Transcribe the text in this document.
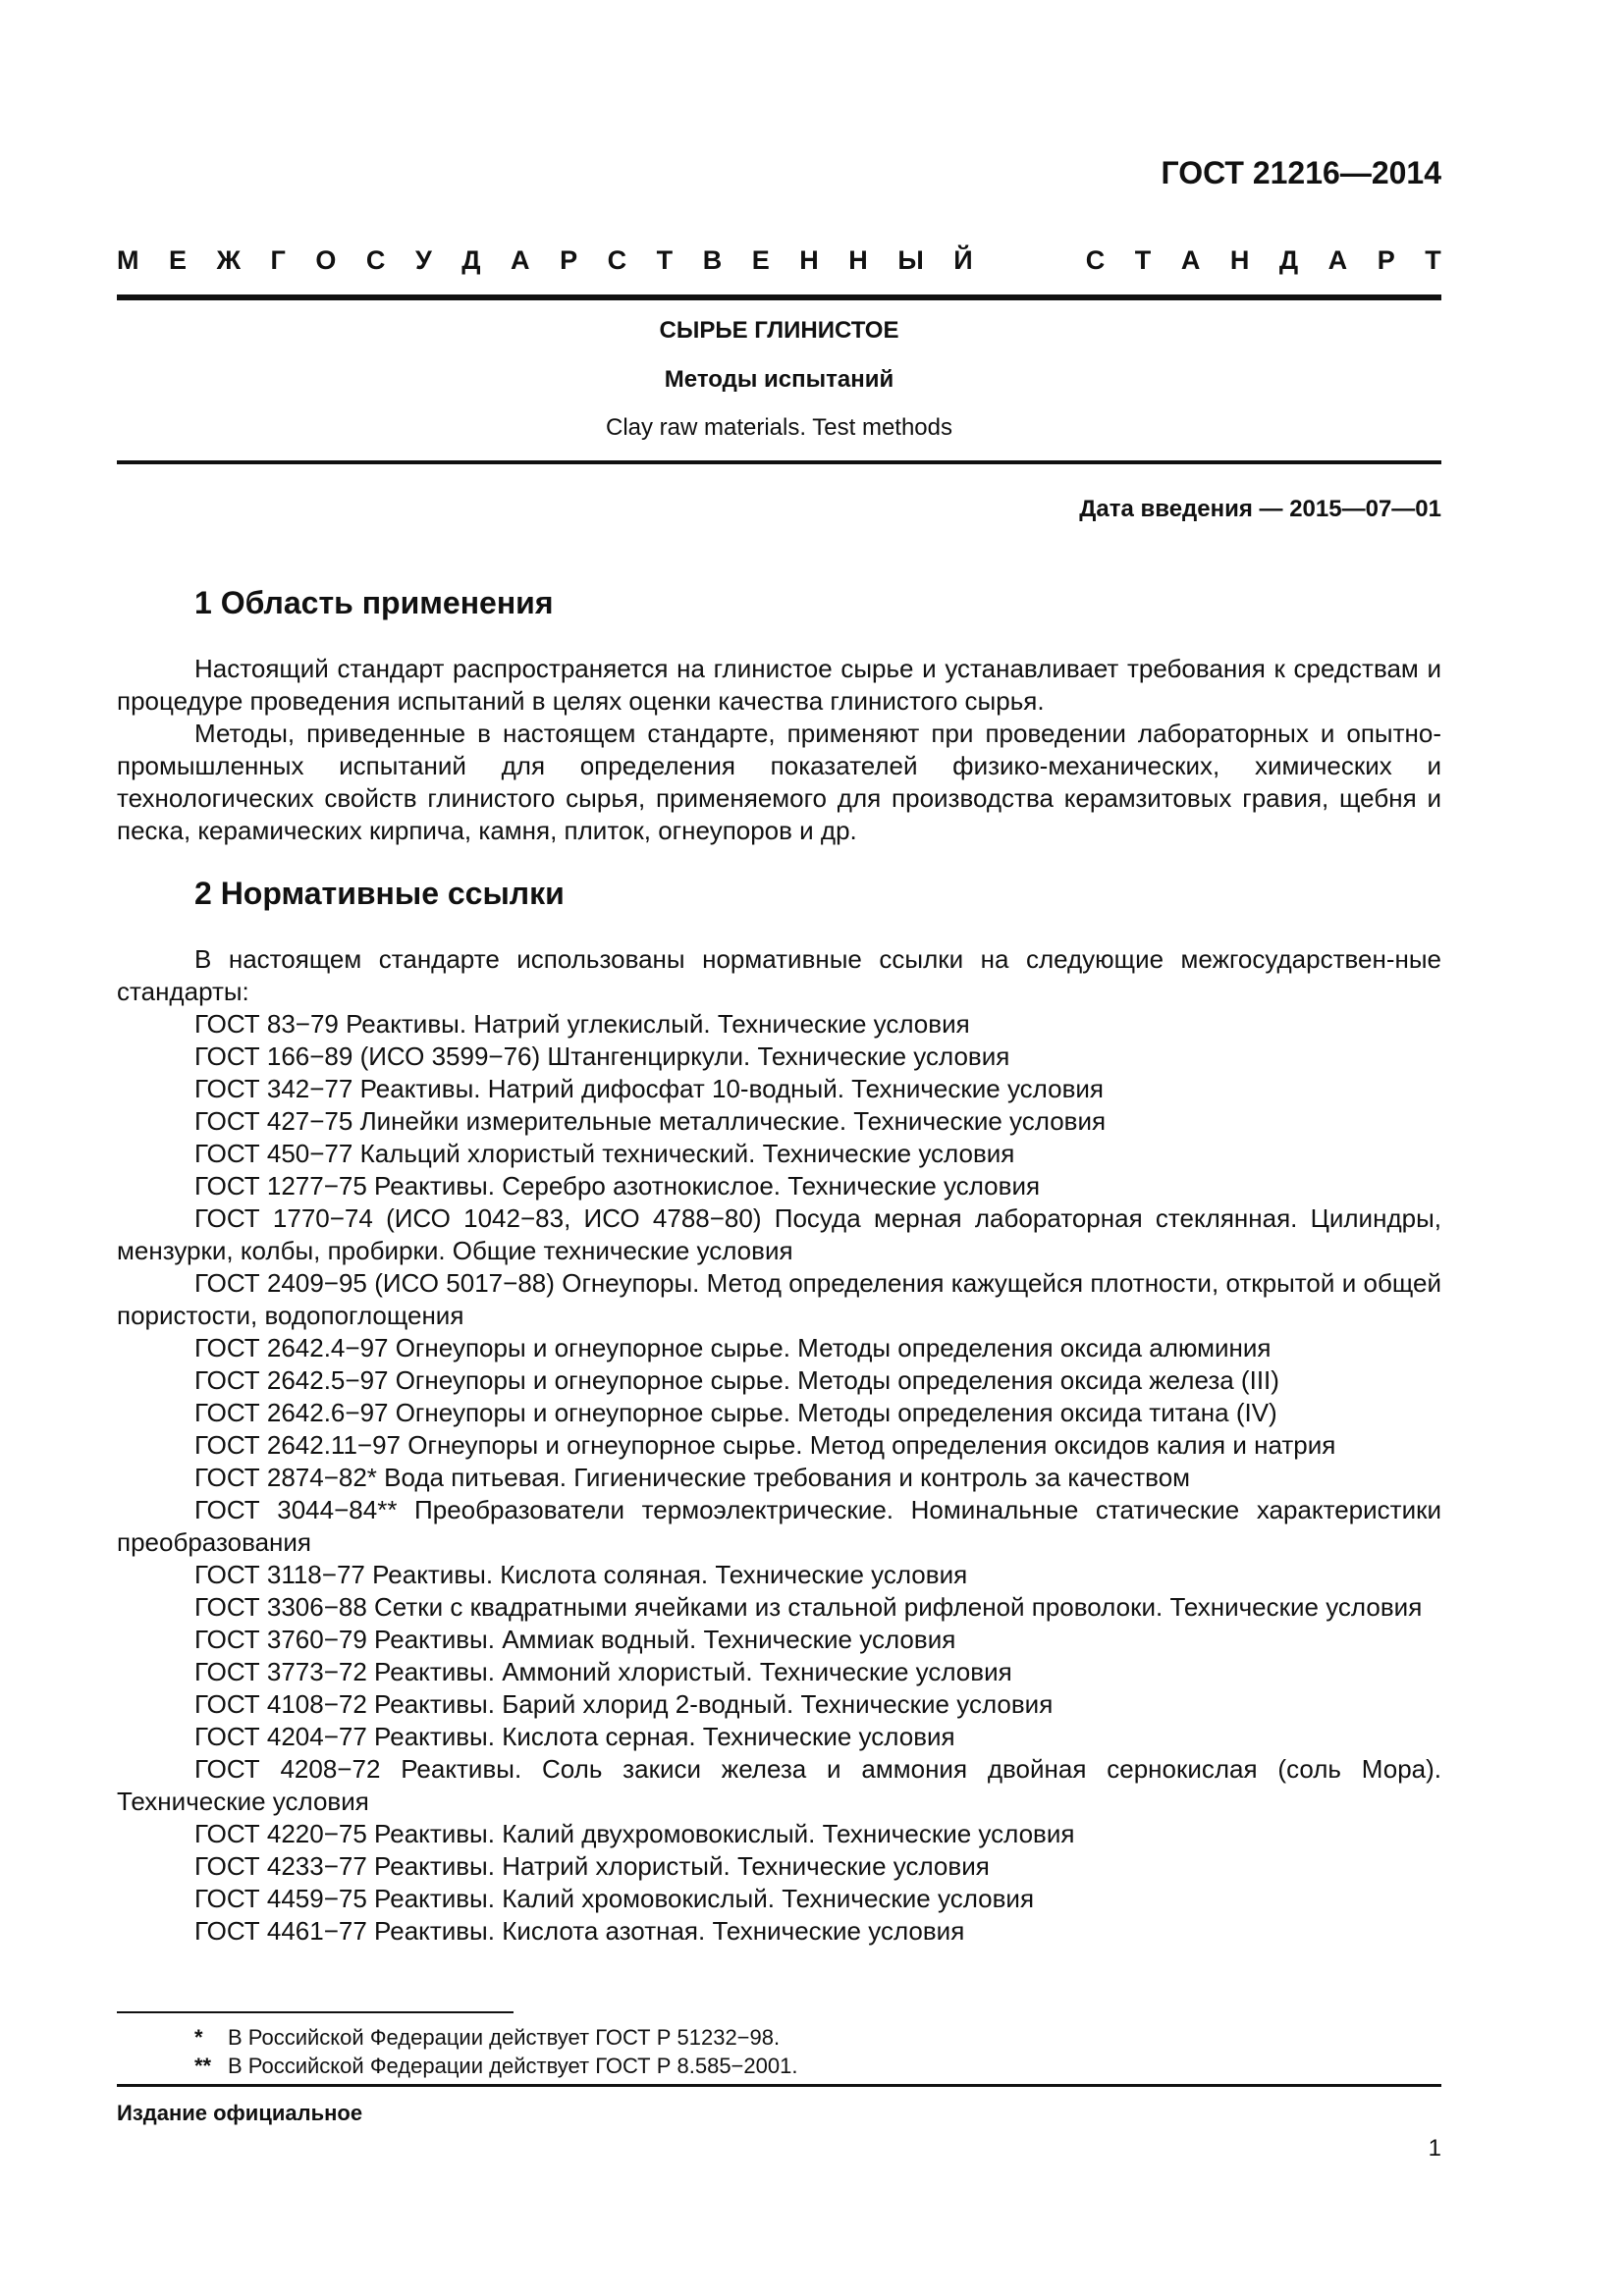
ГОСТ 21216—2014
М Е Ж Г О С У Д А Р С Т В Е Н Н Ы Й	С Т А Н Д А Р Т
СЫРЬЕ ГЛИНИСТОЕ
Методы испытаний
Clay raw materials. Test methods
Дата введения — 2015—07—01
1 Область применения
Настоящий стандарт распространяется на глинистое сырье и устанавливает требования к средствам и процедуре проведения испытаний в целях оценки качества глинистого сырья.
Методы, приведенные в настоящем стандарте, применяют при проведении лабораторных и опытно-промышленных испытаний для определения показателей физико-механических, химических и технологических свойств глинистого сырья, применяемого для производства керамзитовых гравия, щебня и песка, керамических кирпича, камня, плиток, огнеупоров и др.
2 Нормативные ссылки
В настоящем стандарте использованы нормативные ссылки на следующие межгосударствен-ные стандарты:
ГОСТ 83−79 Реактивы. Натрий углекислый. Технические условия
ГОСТ 166−89 (ИСО 3599−76) Штангенциркули. Технические условия
ГОСТ 342−77 Реактивы. Натрий дифосфат 10-водный. Технические условия
ГОСТ 427−75 Линейки измерительные металлические. Технические условия
ГОСТ 450−77 Кальций хлористый технический. Технические условия
ГОСТ 1277−75 Реактивы. Серебро азотнокислое. Технические условия
ГОСТ 1770−74 (ИСО 1042−83, ИСО 4788−80) Посуда мерная лабораторная стеклянная. Цилиндры, мензурки, колбы, пробирки. Общие технические условия
ГОСТ 2409−95 (ИСО 5017−88) Огнеупоры. Метод определения кажущейся плотности, открытой и общей пористости, водопоглощения
ГОСТ 2642.4−97 Огнеупоры и огнеупорное сырье. Методы определения оксида алюминия
ГОСТ 2642.5−97 Огнеупоры и огнеупорное сырье. Методы определения оксида железа (III)
ГОСТ 2642.6−97 Огнеупоры и огнеупорное сырье. Методы определения оксида титана (IV)
ГОСТ 2642.11−97 Огнеупоры и огнеупорное сырье. Метод определения оксидов калия и натрия
ГОСТ 2874−82* Вода питьевая. Гигиенические требования и контроль за качеством
ГОСТ 3044−84** Преобразователи термоэлектрические. Номинальные статические характеристики преобразования
ГОСТ 3118−77 Реактивы. Кислота соляная. Технические условия
ГОСТ 3306−88 Сетки с квадратными ячейками из стальной рифленой проволоки. Технические условия
ГОСТ 3760−79 Реактивы. Аммиак водный. Технические условия
ГОСТ 3773−72 Реактивы. Аммоний хлористый. Технические условия
ГОСТ 4108−72 Реактивы. Барий хлорид 2-водный. Технические условия
ГОСТ 4204−77 Реактивы. Кислота серная. Технические условия
ГОСТ 4208−72 Реактивы. Соль закиси железа и аммония двойная сернокислая (соль Мора). Технические условия
ГОСТ 4220−75 Реактивы. Калий двухромовокислый. Технические условия
ГОСТ 4233−77 Реактивы. Натрий хлористый. Технические условия
ГОСТ 4459−75 Реактивы. Калий хромовокислый. Технические условия
ГОСТ 4461−77 Реактивы. Кислота азотная. Технические условия
* В Российской Федерации действует ГОСТ Р 51232−98.
** В Российской Федерации действует ГОСТ Р 8.585−2001.
Издание официальное
1
